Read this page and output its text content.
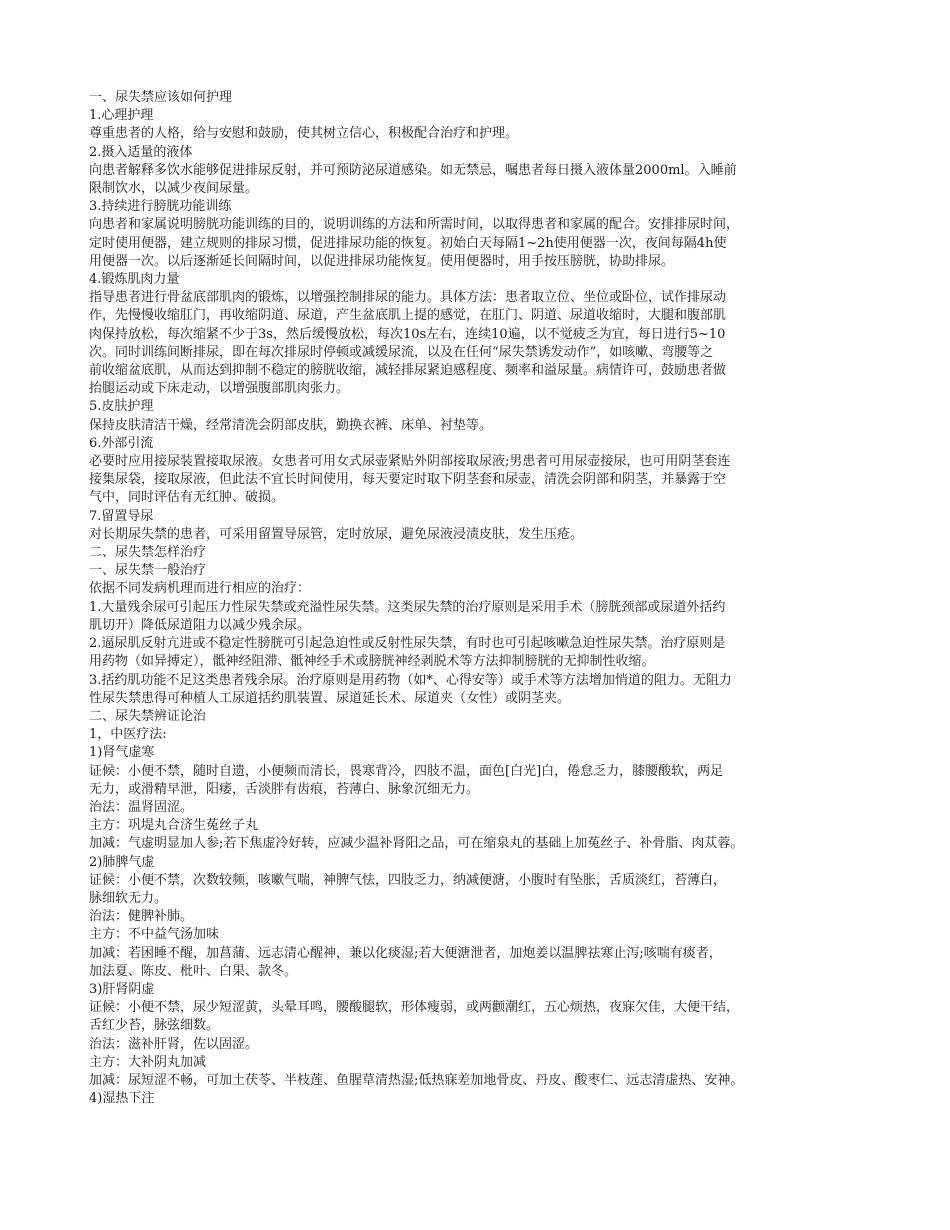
一、尿失禁应该如何护理

1.心理护理

尊重患者的人格，给与安慰和鼓励，使其树立信心，积极配合治疗和护理。

2.摄入适量的液体

向患者解释多饮水能够促进排尿反射，并可预防泌尿道感染。如无禁忌，嘱患者每日摄入液体量2000ml。入睡前

限制饮水，以减少夜间尿量。

3.持续进行膀胱功能训练

向患者和家属说明膀胱功能训练的目的，说明训练的方法和所需时间，以取得患者和家属的配合。安排排尿时间，

定时使用便器，建立规则的排尿习惯，促进排尿功能的恢复。初始白天每隔1~2h使用便器一次，夜间每隔4h使

用便器一次。以后逐渐延长间隔时间，以促进排尿功能恢复。使用便器时，用手按压膀胱，协助排尿。

4.锻炼肌肉力量

指导患者进行骨盆底部肌肉的锻炼，以增强控制排尿的能力。具体方法：患者取立位、坐位或卧位，试作排尿动

作，先慢慢收缩肛门，再收缩阴道、尿道，产生盆底肌上提的感觉，在肛门、阴道、尿道收缩时，大腿和腹部肌

肉保持放松，每次缩紧不少于3s，然后缓慢放松，每次10s左右，连续10遍，以不觉疲乏为宜，每日进行5~10

次。同时训练间断排尿，即在每次排尿时停顿或减缓尿流，以及在任何“尿失禁诱发动作”，如咳嗽、弯腰等之

前收缩盆底肌，从而达到抑制不稳定的膀胱收缩，减轻排尿紧迫感程度、频率和溢尿量。病情许可，鼓励患者做

抬腿运动或下床走动，以增强腹部肌肉张力。

5.皮肤护理

保持皮肤清洁干燥，经常清洗会阴部皮肤，勤换衣裤、床单、衬垫等。

6.外部引流

必要时应用接尿装置接取尿液。女患者可用女式尿壶紧贴外阴部接取尿液;男患者可用尿壶接尿，也可用阴茎套连

接集尿袋，接取尿液，但此法不宜长时间使用，每天要定时取下阴茎套和尿壶，清洗会阴部和阴茎，并暴露于空

气中，同时评估有无红肿、破损。

7.留置导尿

对长期尿失禁的患者，可采用留置导尿管，定时放尿，避免尿液浸渍皮肤，发生压疮。

二、尿失禁怎样治疗

一、尿失禁一般治疗

依据不同发病机理而进行相应的治疗：

1.大量残余尿可引起压力性尿失禁或充溢性尿失禁。这类尿失禁的治疗原则是采用手术（膀胱颈部或尿道外括约

肌切开）降低尿道阻力以减少残余尿。

2.逼尿肌反射亢进或不稳定性膀胱可引起急迫性或反射性尿失禁，有时也可引起咳嗽急迫性尿失禁。治疗原则是

用药物（如异搏定），骶神经阻滞、骶神经手术或膀胱神经剥脱术等方法抑制膀胱的无抑制性收缩。

3.括约肌功能不足这类患者残余尿。治疗原则是用药物（如*、心得安等）或手术等方法增加悄道的阻力。无阻力

性尿失禁患得可种植人工尿道括约肌装置、尿道延长术、尿道夹（女性）或阴茎夹。

二、尿失禁辨证论治

1，中医疗法:

1)肾气虚寒

证候：小便不禁，随时自遗，小便频而清长，畏寒背冷，四肢不温，面色[白光]白，倦怠乏力，膝腰酸软，两足

无力，或滑精早泄，阳痿，舌淡胖有齿痕，苔薄白、脉象沉细无力。

治法：温肾固涩。

主方：巩堤丸合济生菟丝子丸

加减：气虚明显加人参;若下焦虚冷好转，应减少温补肾阳之品，可在缩泉丸的基础上加菟丝子、补骨脂、肉苁蓉。

2)肺脾气虚

证候：小便不禁，次数较频，咳嗽气喘，神脾气怯，四肢乏力，纳减便溏，小腹时有坠胀，舌质淡红，苔薄白，

脉细软无力。

治法：健脾补肺。

主方：不中益气汤加味

加减：若困睡不醒，加菖蒲、远志清心醒神，兼以化痰湿;若大便溏泄者，加炮姜以温脾祛寒止泻;咳喘有痰者，

加法夏、陈皮、枇叶、白果、款冬。

3)肝肾阴虚

证候：小便不禁，尿少短涩黄，头晕耳鸣，腰酸腿软，形体瘦弱，或两颧潮红，五心烦热，夜寐欠佳，大便干结，

舌红少苔，脉弦细数。

治法：滋补肝肾，佐以固涩。

主方：大补阴丸加减

加减：尿短涩不畅，可加土茯苓、半枝莲、鱼腥草清热湿;低热寐差加地骨皮、丹皮、酸枣仁、远志清虚热、安神。

4)湿热下注
